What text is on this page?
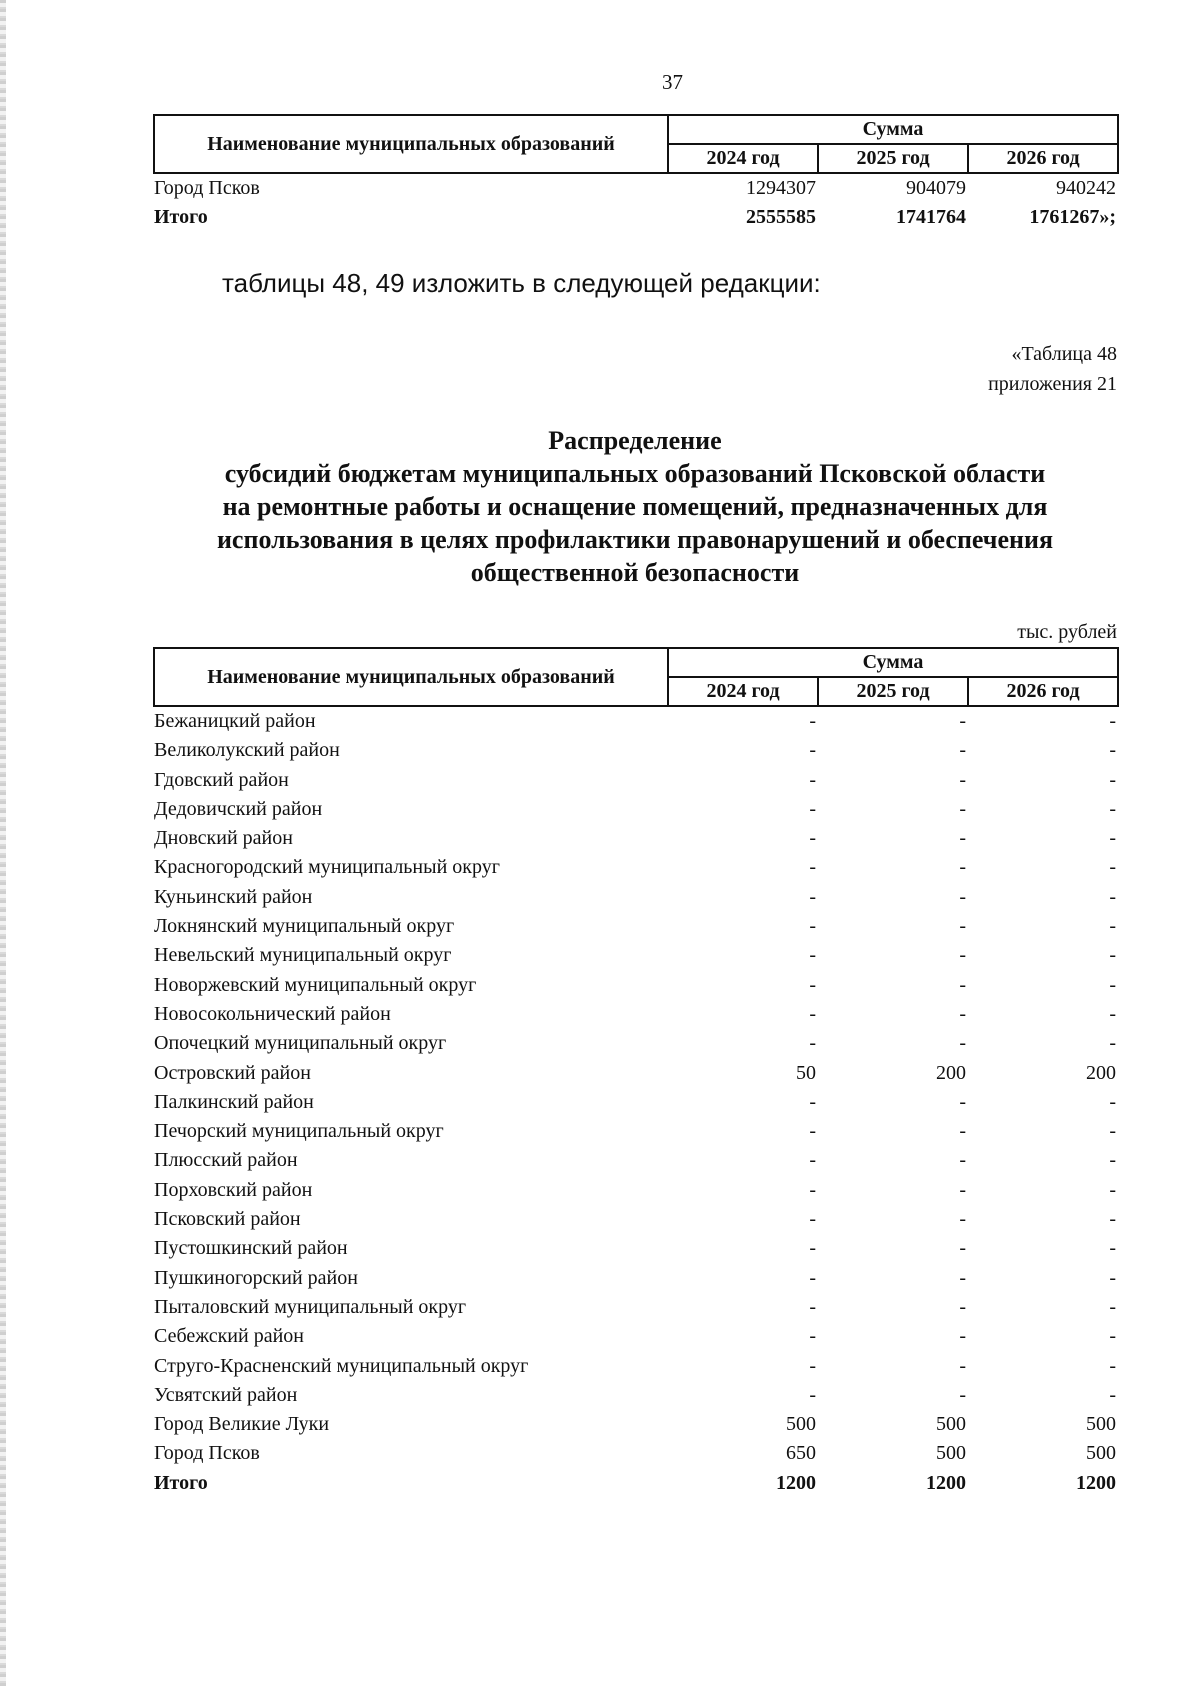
37
Наименование муниципальных образований	Сумма		
	2024 год	2025 год	2026 год
Город Псков	1294307	904079	940242
Итого	2555585	1741764	1761267»;
таблицы 48, 49 изложить в следующей редакции:
«Таблица 48
приложения 21
Распределение
субсидий бюджетам муниципальных образований Псковской области
на ремонтные работы и оснащение помещений, предназначенных для
использования в целях профилактики правонарушений и обеспечения
общественной безопасности
тыс. рублей
Наименование муниципальных образований	Сумма		
	2024 год	2025 год	2026 год
Бежаницкий район	-	-	-
Великолукский район	-	-	-
Гдовский район	-	-	-
Дедовичский район	-	-	-
Дновский район	-	-	-
Красногородский муниципальный округ	-	-	-
Куньинский район	-	-	-
Локнянский муниципальный округ	-	-	-
Невельский муниципальный округ	-	-	-
Новоржевский муниципальный округ	-	-	-
Новосокольнический район	-	-	-
Опочецкий муниципальный округ	-	-	-
Островский район	50	200	200
Палкинский район	-	-	-
Печорский муниципальный округ	-	-	-
Плюсский район	-	-	-
Порховский район	-	-	-
Псковский район	-	-	-
Пустошкинский район	-	-	-
Пушкиногорский район	-	-	-
Пыталовский муниципальный округ	-	-	-
Себежский район	-	-	-
Струго-Красненский муниципальный округ	-	-	-
Усвятский район	-	-	-
Город Великие Луки	500	500	500
Город Псков	650	500	500
Итого	1200	1200	1200
